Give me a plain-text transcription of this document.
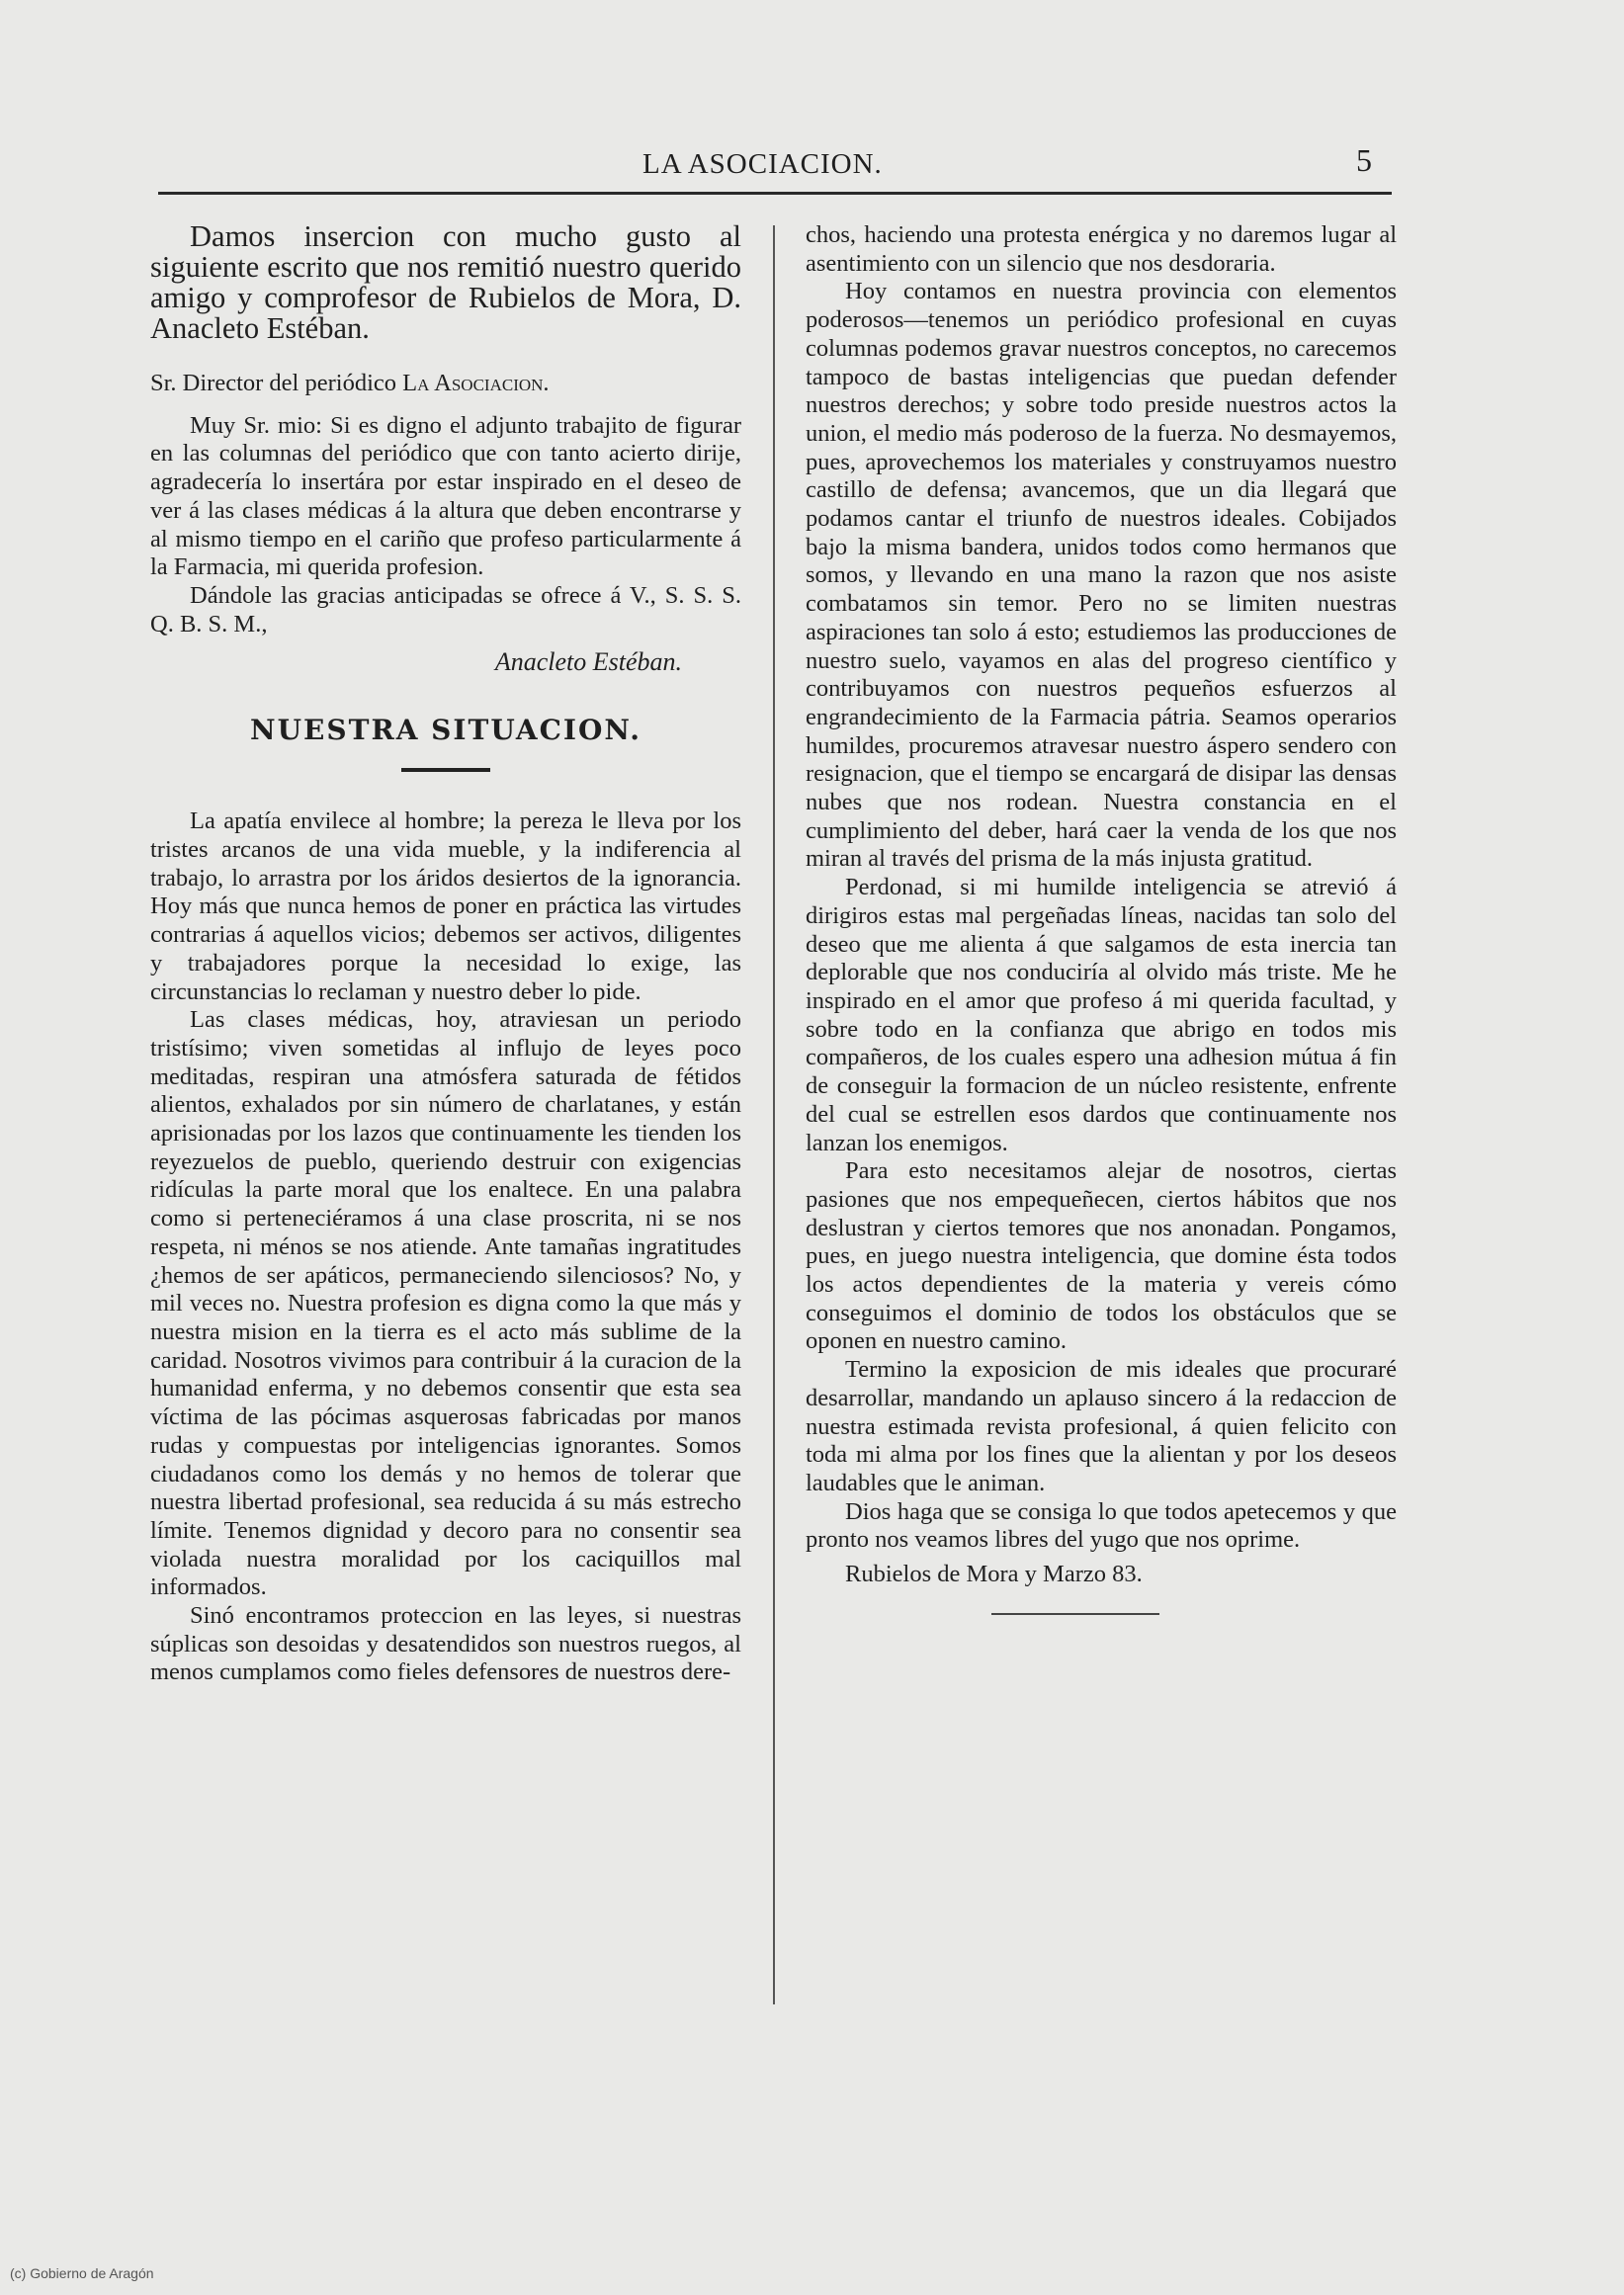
LA ASOCIACION.	5

Damos insercion con mucho gusto al siguiente escrito que nos remitió nuestro querido amigo y comprofesor de Rubielos de Mora, D. Anacleto Estéban.

Sr. Director del periódico La Asociacion.

Muy Sr. mio: Si es digno el adjunto trabajito de figurar en las columnas del periódico que con tanto acierto dirije, agradecería lo insertára por estar inspirado en el deseo de ver á las clases médicas á la altura que deben encontrarse y al mismo tiempo en el cariño que profeso particularmente á la Farmacia, mi querida profesion.

Dándole las gracias anticipadas se ofrece á V., S. S. S. Q. B. S. M.,

Anacleto Estéban.

NUESTRA SITUACION.

La apatía envilece al hombre; la pereza le lleva por los tristes arcanos de una vida mueble, y la indiferencia al trabajo, lo arrastra por los áridos desiertos de la ignorancia. Hoy más que nunca hemos de poner en práctica las virtudes contrarias á aquellos vicios; debemos ser activos, diligentes y trabajadores porque la necesidad lo exige, las circunstancias lo reclaman y nuestro deber lo pide.

Las clases médicas, hoy, atraviesan un periodo tristísimo; viven sometidas al influjo de leyes poco meditadas, respiran una atmósfera saturada de fétidos alientos, exhalados por sin número de charlatanes, y están aprisionadas por los lazos que continuamente les tienden los reyezuelos de pueblo, queriendo destruir con exigencias ridículas la parte moral que los enaltece. En una palabra como si perteneciéramos á una clase proscrita, ni se nos respeta, ni ménos se nos atiende. Ante tamañas ingratitudes ¿hemos de ser apáticos, permaneciendo silenciosos? No, y mil veces no. Nuestra profesion es digna como la que más y nuestra mision en la tierra es el acto más sublime de la caridad. Nosotros vivimos para contribuir á la curacion de la humanidad enferma, y no debemos consentir que esta sea víctima de las pócimas asquerosas fabricadas por manos rudas y compuestas por inteligencias ignorantes. Somos ciudadanos como los demás y no hemos de tolerar que nuestra libertad profesional, sea reducida á su más estrecho límite. Tenemos dignidad y decoro para no consentir sea violada nuestra moralidad por los caciquillos mal informados.

Sinó encontramos proteccion en las leyes, si nuestras súplicas son desoidas y desatendidos son nuestros ruegos, al menos cumplamos como fieles defensores de nuestros dere-

chos, haciendo una protesta enérgica y no daremos lugar al asentimiento con un silencio que nos desdoraria.

Hoy contamos en nuestra provincia con elementos poderosos—tenemos un periódico profesional en cuyas columnas podemos gravar nuestros conceptos, no carecemos tampoco de bastas inteligencias que puedan defender nuestros derechos; y sobre todo preside nuestros actos la union, el medio más poderoso de la fuerza. No desmayemos, pues, aprovechemos los materiales y construyamos nuestro castillo de defensa; avancemos, que un dia llegará que podamos cantar el triunfo de nuestros ideales. Cobijados bajo la misma bandera, unidos todos como hermanos que somos, y llevando en una mano la razon que nos asiste combatamos sin temor. Pero no se limiten nuestras aspiraciones tan solo á esto; estudiemos las producciones de nuestro suelo, vayamos en alas del progreso científico y contribuyamos con nuestros pequeños esfuerzos al engrandecimiento de la Farmacia pátria. Seamos operarios humildes, procuremos atravesar nuestro áspero sendero con resignacion, que el tiempo se encargará de disipar las densas nubes que nos rodean. Nuestra constancia en el cumplimiento del deber, hará caer la venda de los que nos miran al través del prisma de la más injusta gratitud.

Perdonad, si mi humilde inteligencia se atrevió á dirigiros estas mal pergeñadas líneas, nacidas tan solo del deseo que me alienta á que salgamos de esta inercia tan deplorable que nos conduciría al olvido más triste. Me he inspirado en el amor que profeso á mi querida facultad, y sobre todo en la confianza que abrigo en todos mis compañeros, de los cuales espero una adhesion mútua á fin de conseguir la formacion de un núcleo resistente, enfrente del cual se estrellen esos dardos que continuamente nos lanzan los enemigos.

Para esto necesitamos alejar de nosotros, ciertas pasiones que nos empequeñecen, ciertos hábitos que nos deslustran y ciertos temores que nos anonadan. Pongamos, pues, en juego nuestra inteligencia, que domine ésta todos los actos dependientes de la materia y vereis cómo conseguimos el dominio de todos los obstáculos que se oponen en nuestro camino.

Termino la exposicion de mis ideales que procuraré desarrollar, mandando un aplauso sincero á la redaccion de nuestra estimada revista profesional, á quien felicito con toda mi alma por los fines que la alientan y por los deseos laudables que le animan.

Dios haga que se consiga lo que todos apetecemos y que pronto nos veamos libres del yugo que nos oprime.

Rubielos de Mora y Marzo 83.

(c) Gobierno de Aragón
